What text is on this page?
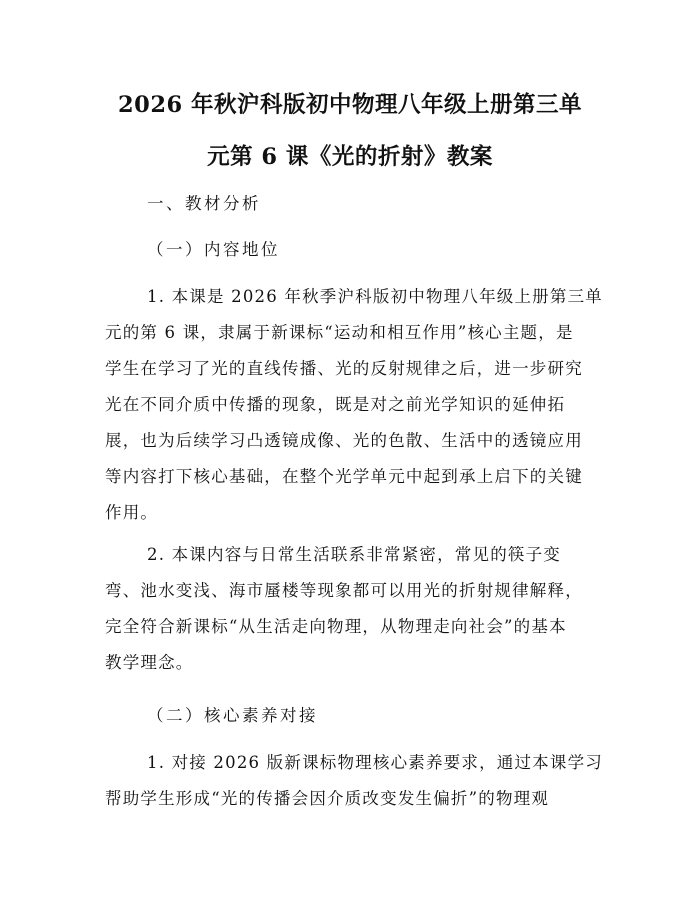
2026 年秋沪科版初中物理八年级上册第三单
元第 6 课《光的折射》教案
一、教材分析
（一）内容地位
1. 本课是 2026 年秋季沪科版初中物理八年级上册第三单
元的第 6 课，隶属于新课标“运动和相互作用”核心主题，是
学生在学习了光的直线传播、光的反射规律之后，进一步研究
光在不同介质中传播的现象，既是对之前光学知识的延伸拓
展，也为后续学习凸透镜成像、光的色散、生活中的透镜应用
等内容打下核心基础，在整个光学单元中起到承上启下的关键
作用。
2. 本课内容与日常生活联系非常紧密，常见的筷子变
弯、池水变浅、海市蜃楼等现象都可以用光的折射规律解释，
完全符合新课标“从生活走向物理，从物理走向社会”的基本
教学理念。
（二）核心素养对接
1. 对接 2026 版新课标物理核心素养要求，通过本课学习
帮助学生形成“光的传播会因介质改变发生偏折”的物理观
